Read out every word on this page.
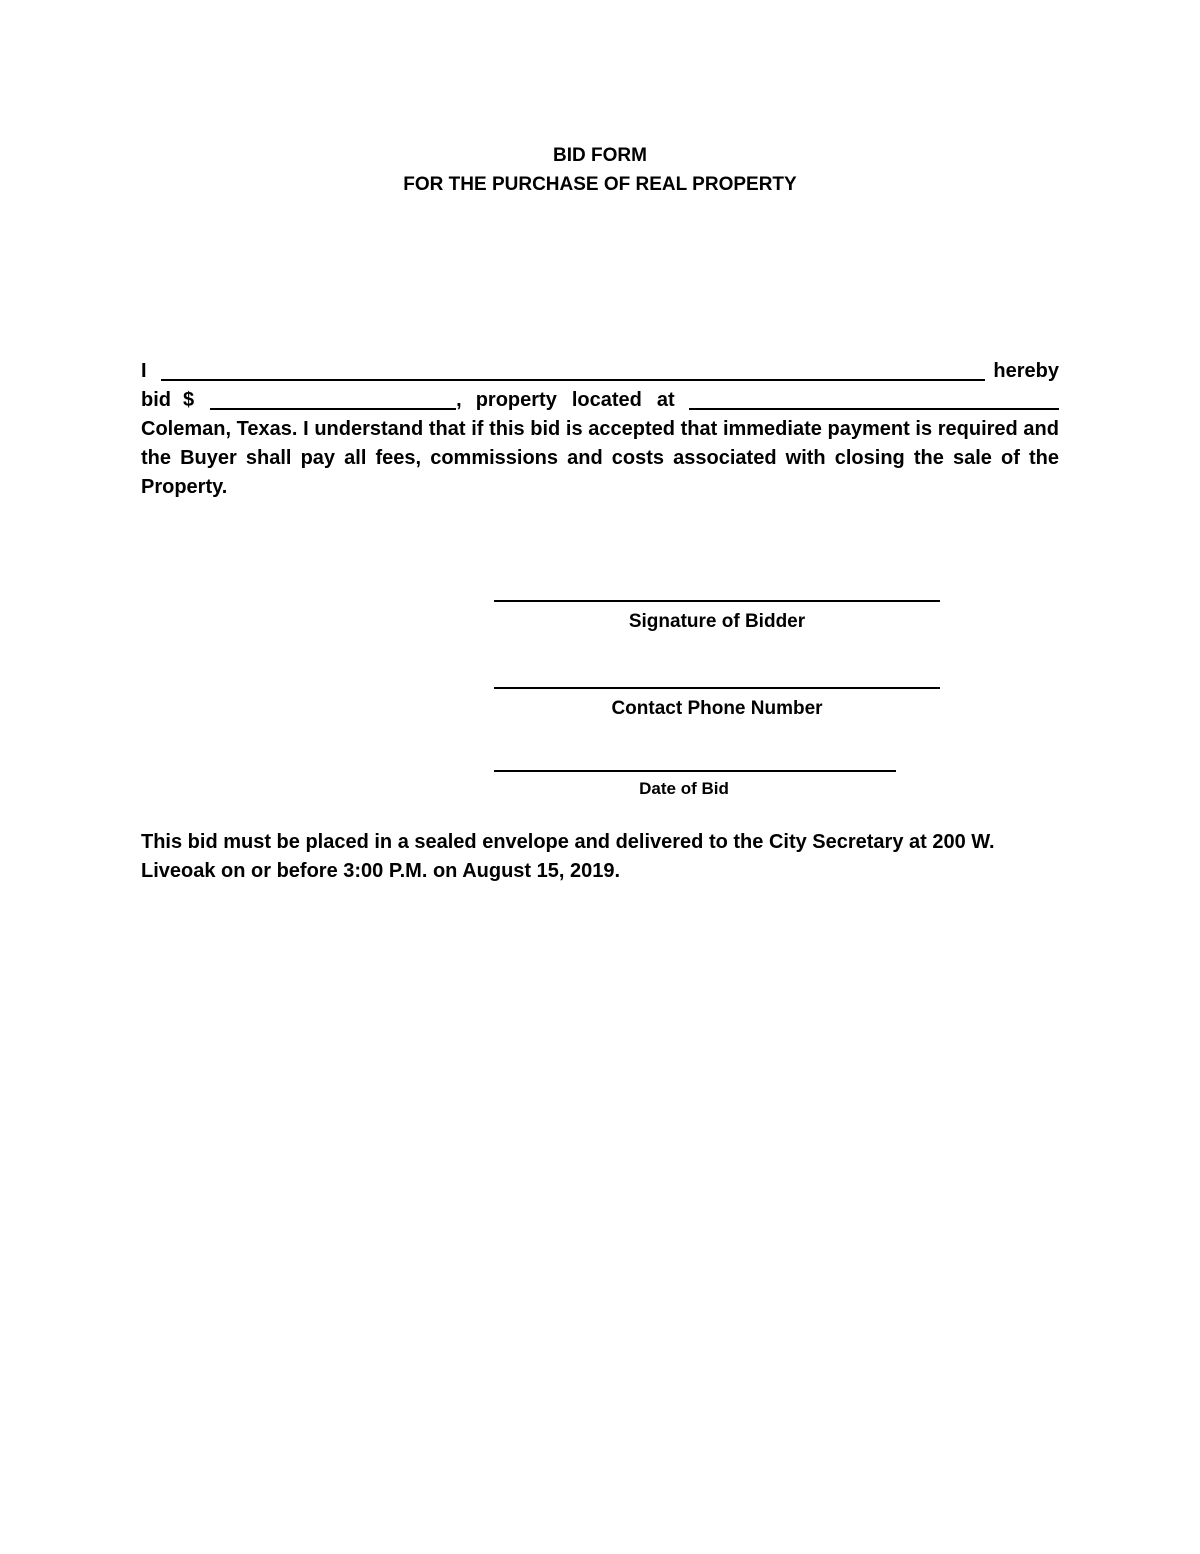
BID FORM
FOR THE PURCHASE OF REAL PROPERTY
I	hereby
bid $	, property located at
Coleman, Texas. I understand that if this bid is accepted that immediate payment is required and the Buyer shall pay all fees, commissions and costs associated with closing the sale of the Property.
Signature of Bidder
Contact Phone Number
Date of Bid
This bid must be placed in a sealed envelope and delivered to the City Secretary at 200 W.
Liveoak on or before 3:00 P.M. on August 15, 2019.
